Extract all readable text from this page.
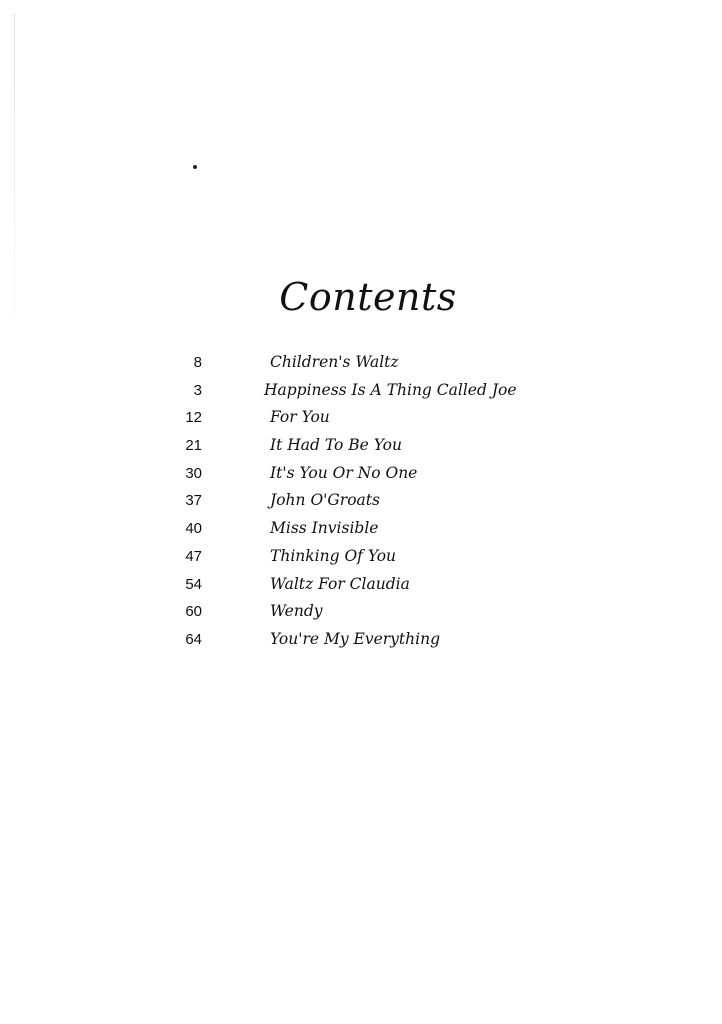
Contents
8	Children's Waltz
3	Happiness Is A Thing Called Joe
12	For You
21	It Had To Be You
30	It's You Or No One
37	John O'Groats
40	Miss Invisible
47	Thinking Of You
54	Waltz For Claudia
60	Wendy
64	You're My Everything
